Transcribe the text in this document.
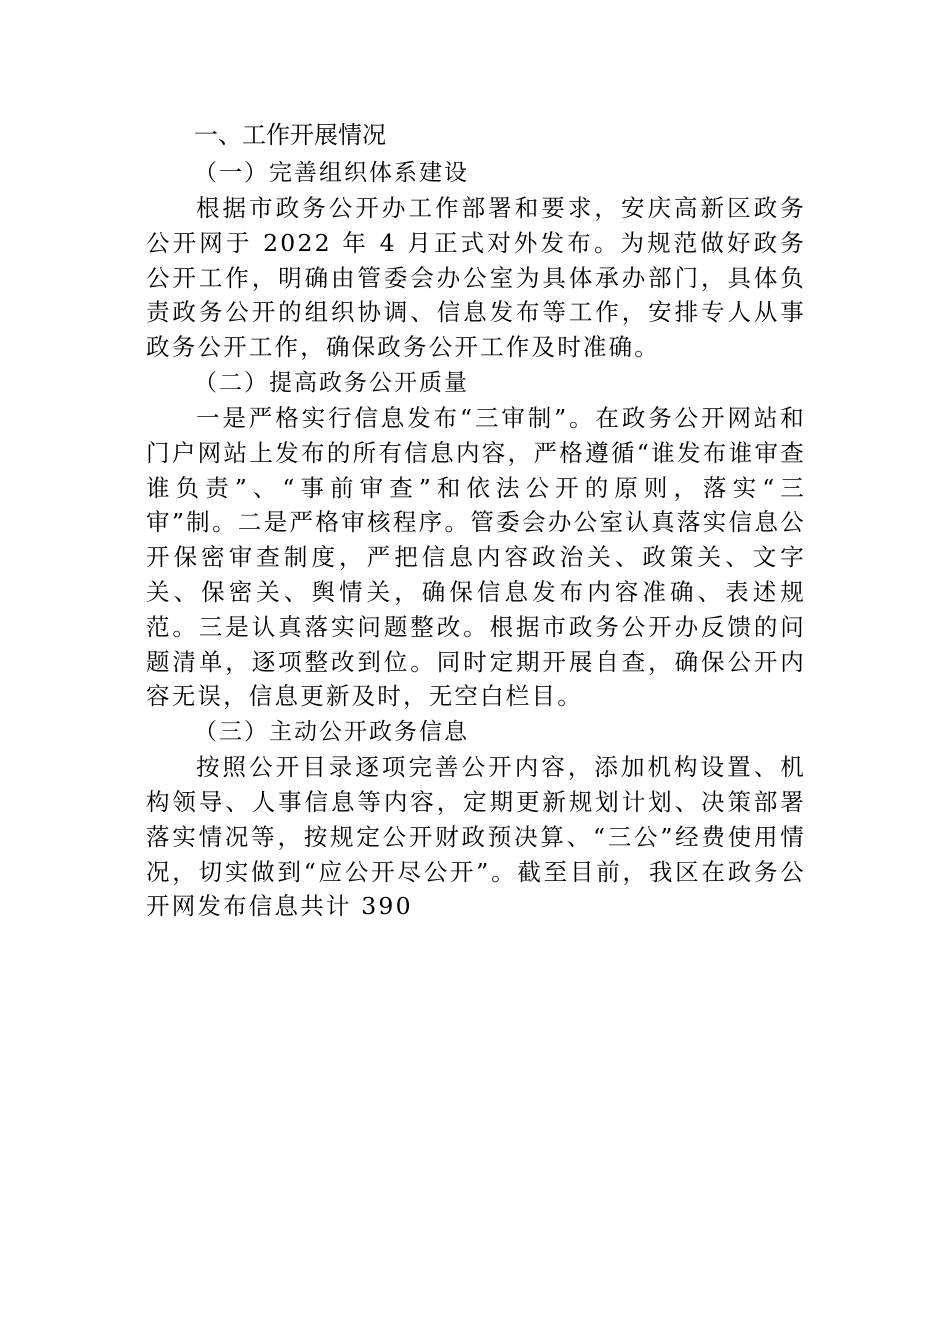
一、工作开展情况
（一）完善组织体系建设

根据市政务公开办工作部署和要求，安庆高新区政务公开网于 2022 年 4 月正式对外发布。为规范做好政务公开工作，明确由管委会办公室为具体承办部门，具体负责政务公开的组织协调、信息发布等工作，安排专人从事政务公开工作，确保政务公开工作及时准确。

（二）提高政务公开质量

一是严格实行信息发布“三审制”。在政务公开网站和门户网站上发布的所有信息内容，严格遵循“谁发布谁审查谁负责”、“事前审查”和依法公开的原则，落实“三审”制。二是严格审核程序。管委会办公室认真落实信息公开保密审查制度，严把信息内容政治关、政策关、文字关、保密关、舆情关，确保信息发布内容准确、表述规范。三是认真落实问题整改。根据市政务公开办反馈的问题清单，逐项整改到位。同时定期开展自查，确保公开内容无误，信息更新及时，无空白栏目。

（三）主动公开政务信息

按照公开目录逐项完善公开内容，添加机构设置、机构领导、人事信息等内容，定期更新规划计划、决策部署落实情况等，按规定公开财政预决算、“三公”经费使用情况，切实做到“应公开尽公开”。截至目前，我区在政务公开网发布信息共计 390
